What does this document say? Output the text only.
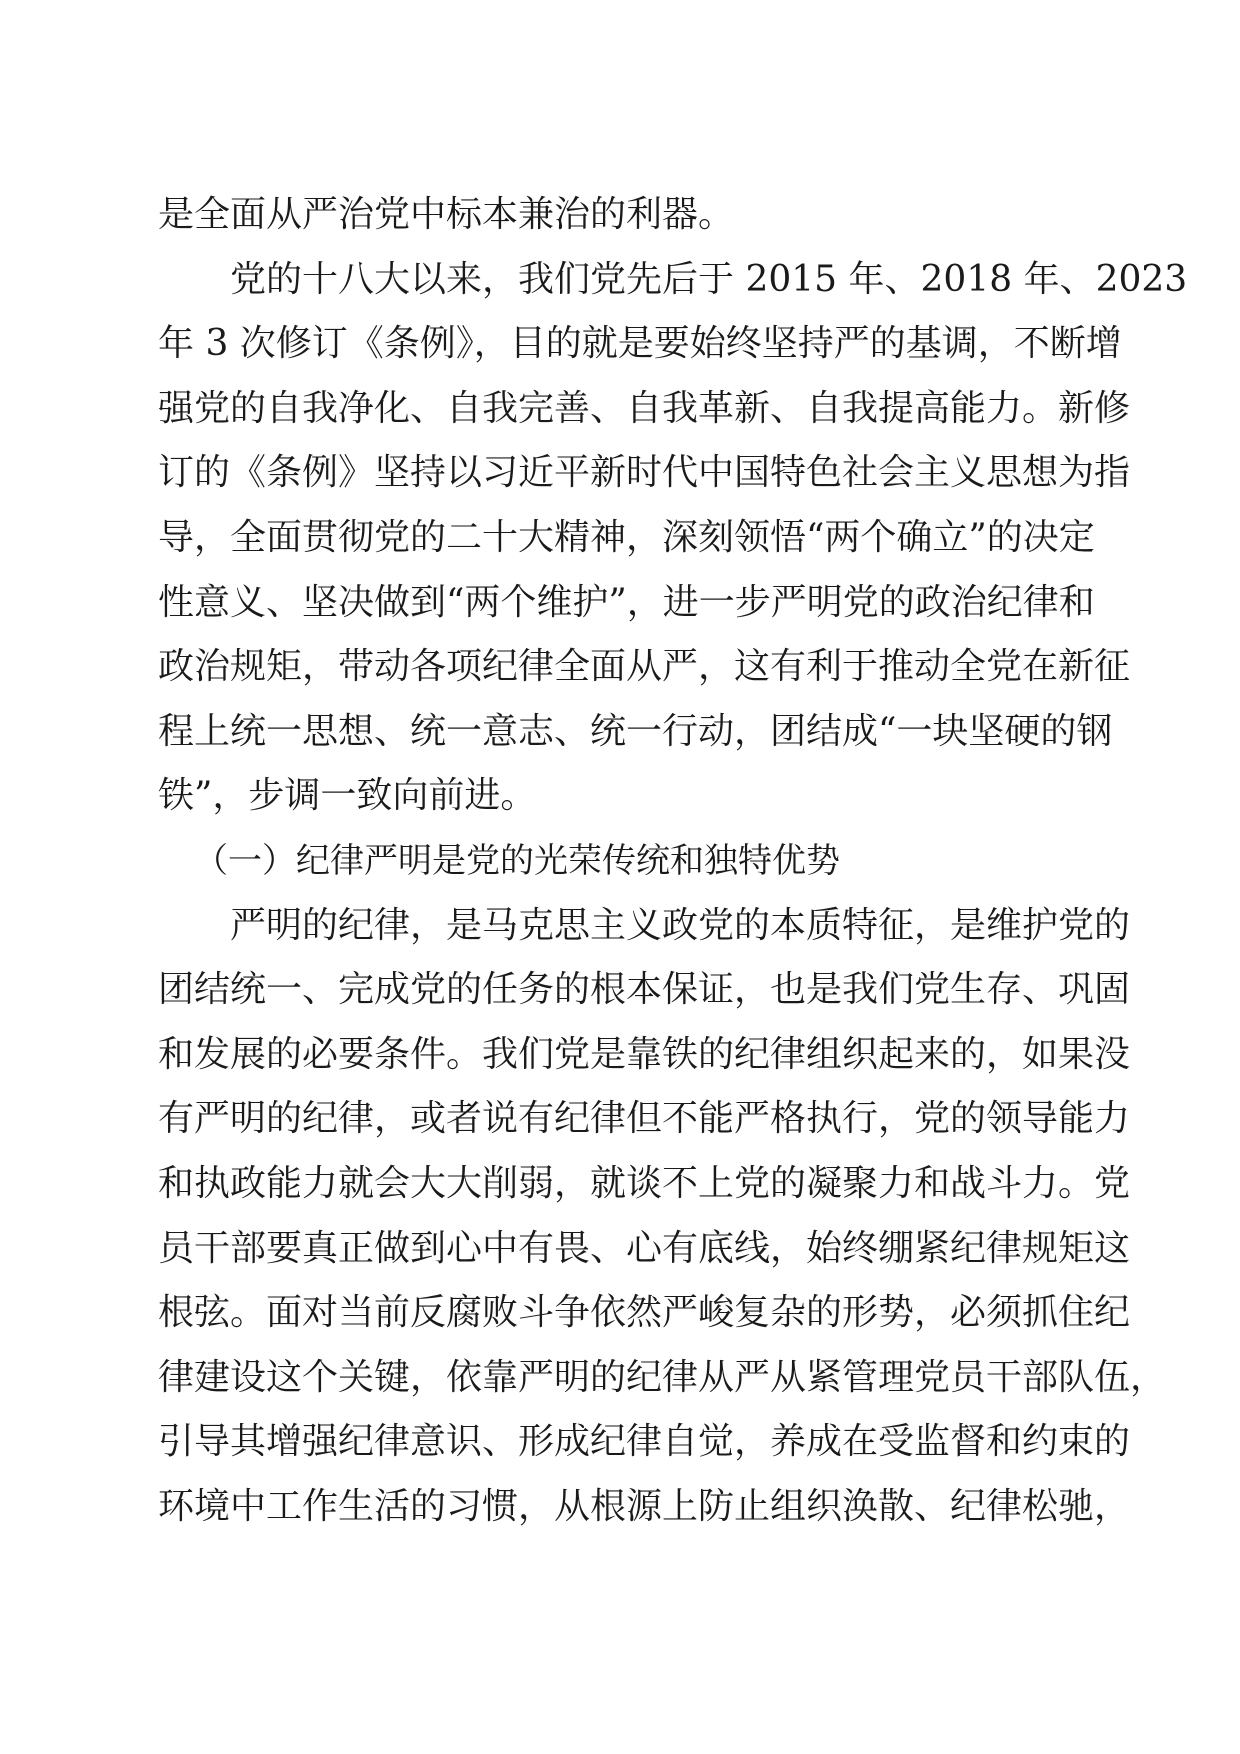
是全面从严治党中标本兼治的利器。
党的十八大以来，我们党先后于 2015 年、2018 年、2023
年 3 次修订《条例》，目的就是要始终坚持严的基调，不断增
强党的自我净化、自我完善、自我革新、自我提高能力。新修
订的《条例》坚持以习近平新时代中国特色社会主义思想为指
导，全面贯彻党的二十大精神，深刻领悟“两个确立”的决定
性意义、坚决做到“两个维护”，进一步严明党的政治纪律和
政治规矩，带动各项纪律全面从严，这有利于推动全党在新征
程上统一思想、统一意志、统一行动，团结成“一块坚硬的钢
铁”，步调一致向前进。
（一）纪律严明是党的光荣传统和独特优势
严明的纪律，是马克思主义政党的本质特征，是维护党的
团结统一、完成党的任务的根本保证，也是我们党生存、巩固
和发展的必要条件。我们党是靠铁的纪律组织起来的，如果没
有严明的纪律，或者说有纪律但不能严格执行，党的领导能力
和执政能力就会大大削弱，就谈不上党的凝聚力和战斗力。党
员干部要真正做到心中有畏、心有底线，始终绷紧纪律规矩这
根弦。面对当前反腐败斗争依然严峻复杂的形势，必须抓住纪
律建设这个关键，依靠严明的纪律从严从紧管理党员干部队伍，
引导其增强纪律意识、形成纪律自觉，养成在受监督和约束的
环境中工作生活的习惯，从根源上防止组织涣散、纪律松驰，
